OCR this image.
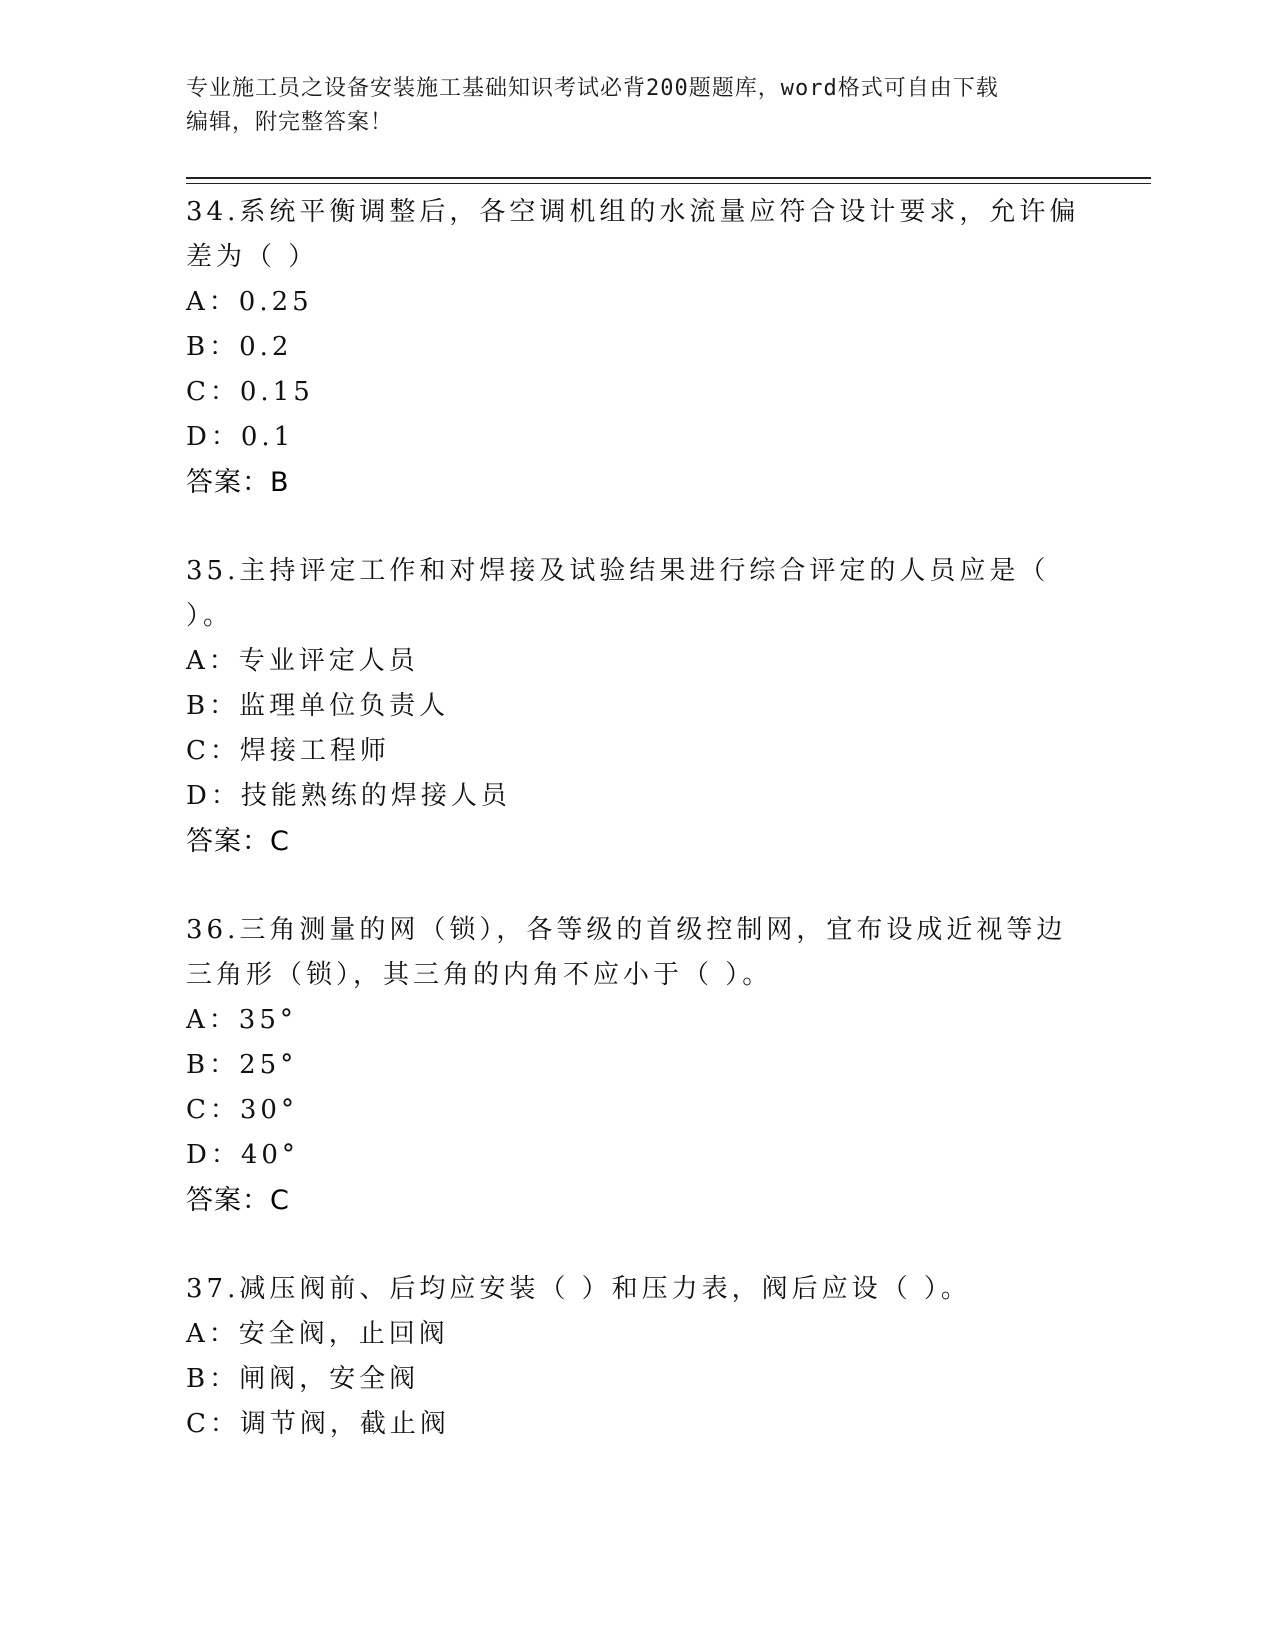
专业施工员之设备安装施工基础知识考试必背200题题库，word格式可自由下载
编辑，附完整答案！
34.系统平衡调整后，各空调机组的水流量应符合设计要求，允许偏差为（ ）
A：0.25
B：0.2
C：0.15
D：0.1
答案：B
35.主持评定工作和对焊接及试验结果进行综合评定的人员应是（ ）。
A：专业评定人员
B：监理单位负责人
C：焊接工程师
D：技能熟练的焊接人员
答案：C
36.三角测量的网（锁），各等级的首级控制网，宜布设成近视等边三角形（锁），其三角的内角不应小于（ ）。
A：35°
B：25°
C：30°
D：40°
答案：C
37.减压阀前、后均应安装（ ）和压力表，阀后应设（ ）。
A：安全阀，止回阀
B：闸阀，安全阀
C：调节阀，截止阀
